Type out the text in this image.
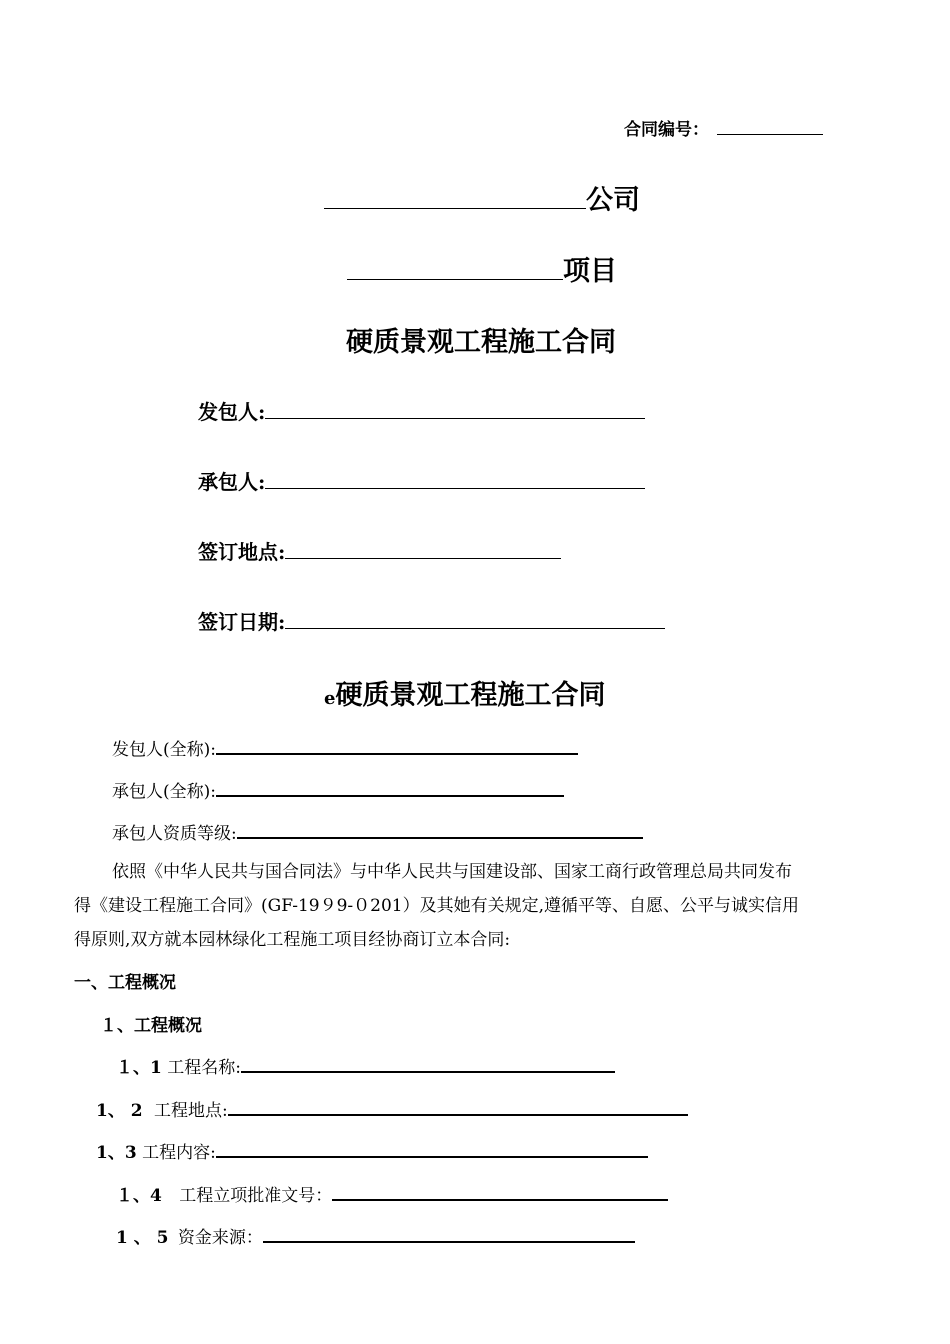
合同编号：
公司
项目
硬质景观工程施工合同
发包人:
承包人:
签订地点:
签订日期:
e硬质景观工程施工合同
发包人(全称):
承包人(全称):
承包人资质等级:
依照《中华人民共与国合同法》与中华人民共与国建设部、国家工商行政管理总局共同发布
得《建设工程施工合同》(GF-19９9-０201）及其她有关规定,遵循平等、自愿、公平与诚实信用
得原则,双方就本园林绿化工程施工项目经协商订立本合同:
一、工程概况
１、工程概况
１、1 工程名称:
1、 2 工程地点:
1、3 工程内容:
１、4 工程立项批准文号：
1 、 5 资金来源：
